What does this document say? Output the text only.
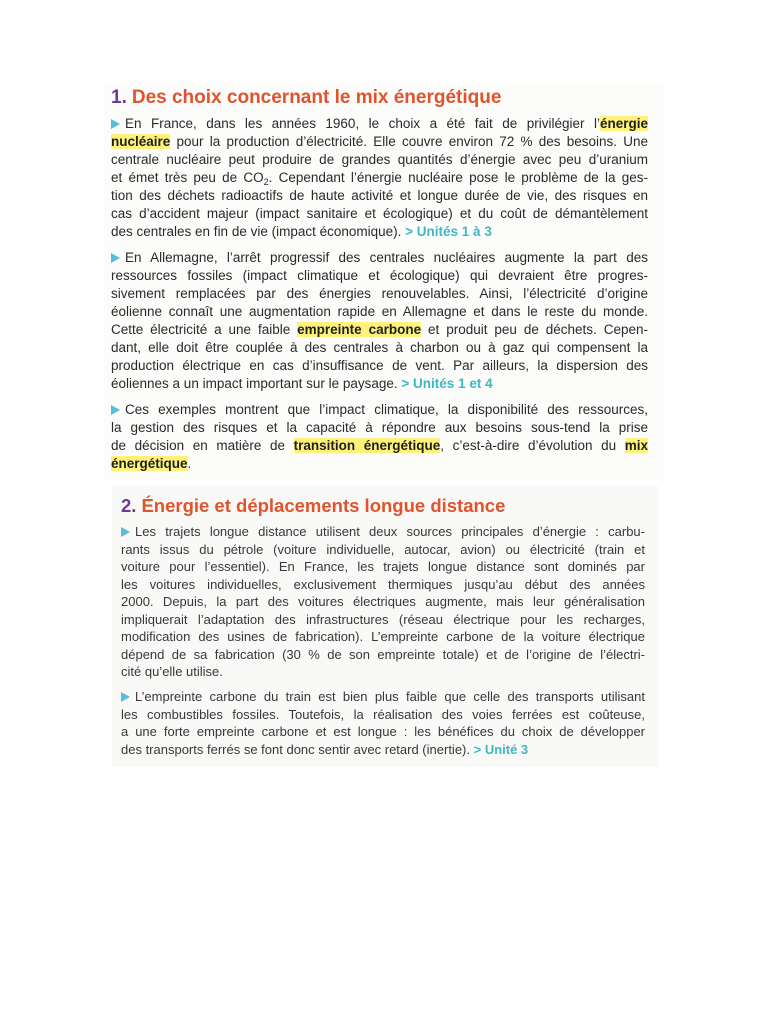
1. Des choix concernant le mix énergétique
En France, dans les années 1960, le choix a été fait de privilégier l’énergie
nucléaire pour la production d’électricité. Elle couvre environ 72 % des besoins. Une
centrale nucléaire peut produire de grandes quantités d’énergie avec peu d’uranium
et émet très peu de $CO_2$. Cependant l’énergie nucléaire pose le problème de la ges-
tion des déchets radioactifs de haute activité et longue durée de vie, des risques en
cas d’accident majeur (impact sanitaire et écologique) et du coût de démantèlement
des centrales en fin de vie (impact économique). > Unités 1 à 3
En Allemagne, l’arrêt progressif des centrales nucléaires augmente la part des
ressources fossiles (impact climatique et écologique) qui devraient être progres-
sivement remplacées par des énergies renouvelables. Ainsi, l’électricité d’origine
éolienne connaît une augmentation rapide en Allemagne et dans le reste du monde.
Cette électricité a une faible empreinte carbone et produit peu de déchets. Cepen-
dant, elle doit être couplée à des centrales à charbon ou à gaz qui compensent la
production électrique en cas d’insuffisance de vent. Par ailleurs, la dispersion des
éoliennes a un impact important sur le paysage. > Unités 1 et 4
Ces exemples montrent que l’impact climatique, la disponibilité des ressources,
la gestion des risques et la capacité à répondre aux besoins sous-tend la prise
de décision en matière de transition énergétique, c’est-à-dire d’évolution du mix
énergétique.
2. Énergie et déplacements longue distance
Les trajets longue distance utilisent deux sources principales d’énergie : carbu-
rants issus du pétrole (voiture individuelle, autocar, avion) ou électricité (train et
voiture pour l’essentiel). En France, les trajets longue distance sont dominés par
les voitures individuelles, exclusivement thermiques jusqu’au début des années
2000. Depuis, la part des voitures électriques augmente, mais leur généralisation
impliquerait l’adaptation des infrastructures (réseau électrique pour les recharges,
modification des usines de fabrication). L’empreinte carbone de la voiture électrique
dépend de sa fabrication (30 % de son empreinte totale) et de l’origine de l’électri-
cité qu’elle utilise.
L’empreinte carbone du train est bien plus faible que celle des transports utilisant
les combustibles fossiles. Toutefois, la réalisation des voies ferrées est coûteuse,
a une forte empreinte carbone et est longue : les bénéfices du choix de développer
des transports ferrés se font donc sentir avec retard (inertie). > Unité 3
